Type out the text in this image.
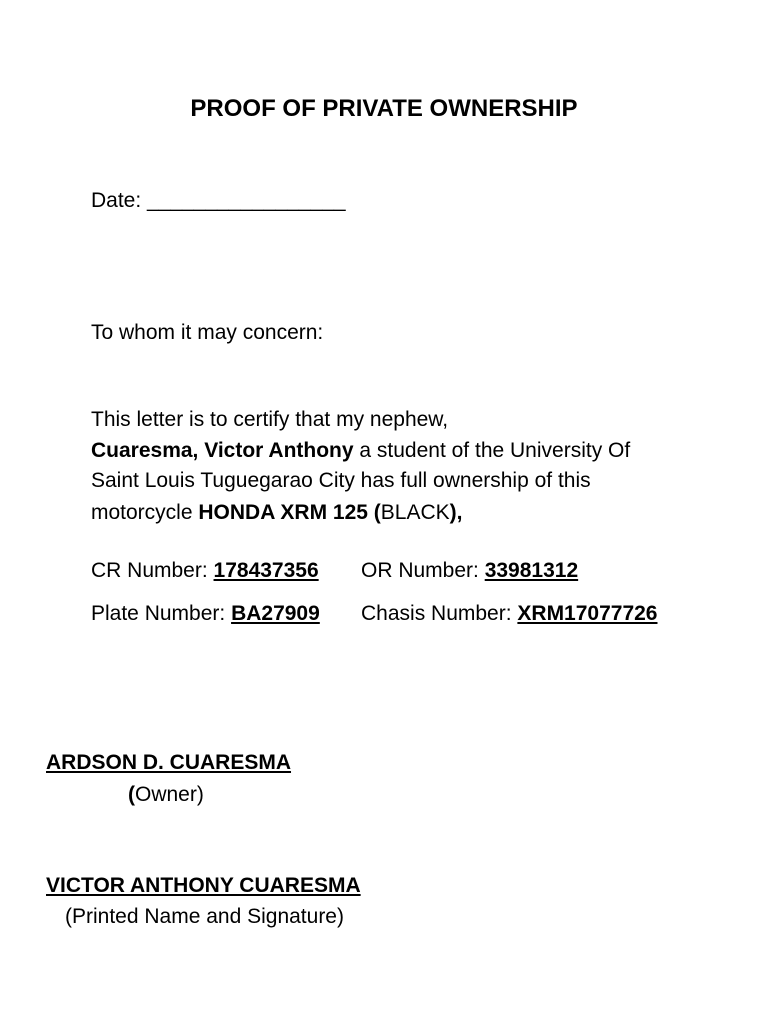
PROOF OF PRIVATE OWNERSHIP
Date: _________________
To whom it may concern:
This letter is to certify that my nephew,
Cuaresma, Victor Anthony a student of the University Of
Saint Louis Tuguegarao City has full ownership of this
motorcycle HONDA XRM 125 (BLACK),
CR Number: 178437356 OR Number: 33981312
Plate Number: BA27909 Chasis Number: XRM17077726
ARDSON D. CUARESMA
(Owner)
VICTOR ANTHONY CUARESMA
(Printed Name and Signature)
